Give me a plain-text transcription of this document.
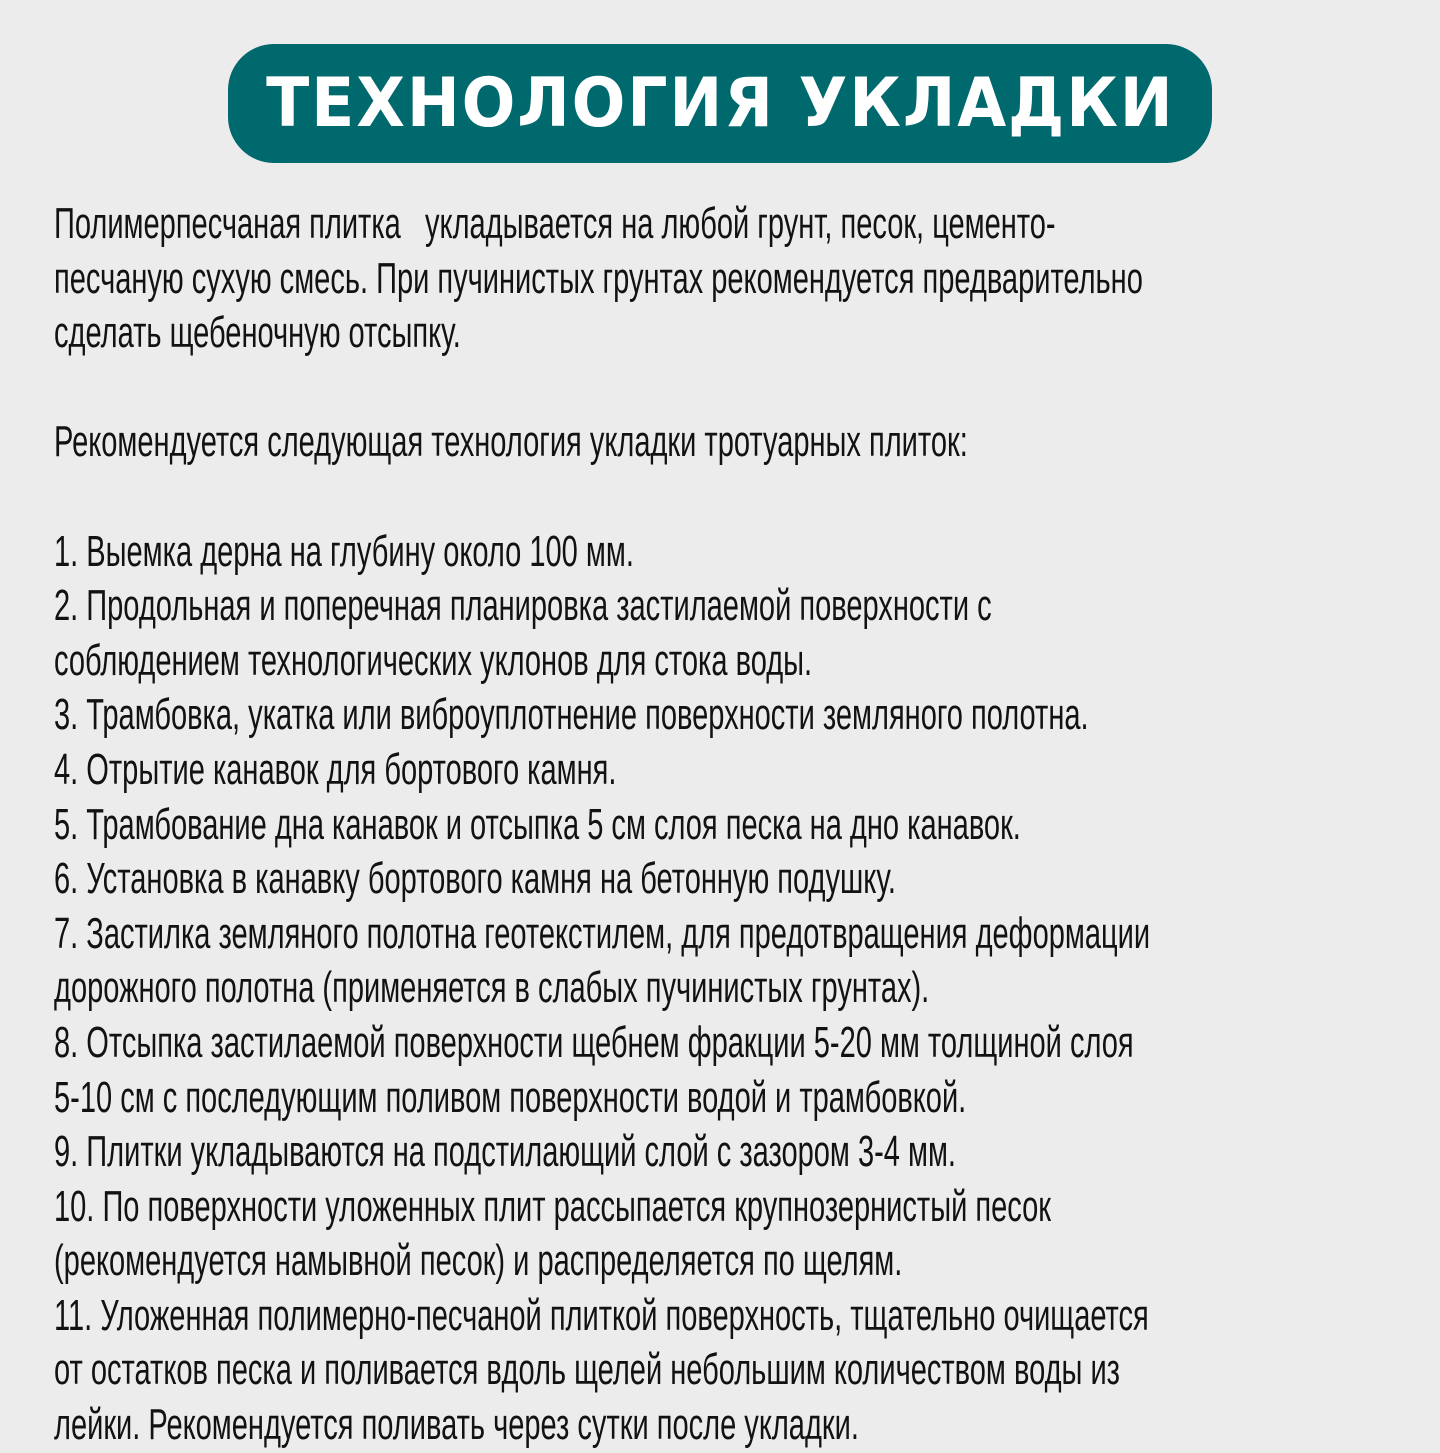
ТЕХНОЛОГИЯ УКЛАДКИ
Полимерпесчаная плитка   укладывается на любой грунт, песок, цементо-
песчаную сухую смесь. При пучинистых грунтах рекомендуется предварительно
сделать щебеночную отсыпку.
Рекомендуется следующая технология укладки тротуарных плиток:
1. Выемка дерна на глубину около 100 мм.
2. Продольная и поперечная планировка застилаемой поверхности с
соблюдением технологических уклонов для стока воды.
3. Трамбовка, укатка или виброуплотнение поверхности земляного полотна.
4. Отрытие канавок для бортового камня.
5. Трамбование дна канавок и отсыпка 5 см слоя песка на дно канавок.
6. Установка в канавку бортового камня на бетонную подушку.
7. Застилка земляного полотна геотекстилем, для предотвращения деформации
дорожного полотна (применяется в слабых пучинистых грунтах).
8. Отсыпка застилаемой поверхности щебнем фракции 5-20 мм толщиной слоя
5-10 см с последующим поливом поверхности водой и трамбовкой.
9. Плитки укладываются на подстилающий слой с зазором 3-4 мм.
10. По поверхности уложенных плит рассыпается крупнозернистый песок
(рекомендуется намывной песок) и распределяется по щелям.
11. Уложенная полимерно-песчаной плиткой поверхность, тщательно очищается
от остатков песка и поливается вдоль щелей небольшим количеством воды из
лейки. Рекомендуется поливать через сутки после укладки.
